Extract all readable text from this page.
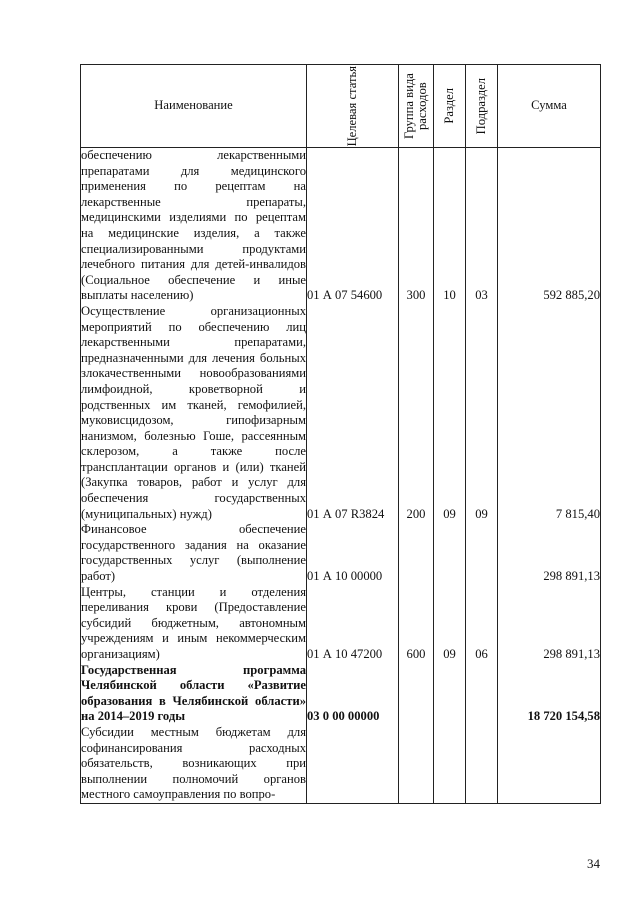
Наименование	Целевая статья	Группа вида расходов	Раздел	Подраздел	Сумма
обеспечению лекарственными препаратами для медицинского применения по рецептам на лекарственные препараты, медицинскими изделиями по рецептам на медицинские изделия, а также специализированными продуктами лечебного питания для детей-инвалидов (Социальное обеспечение и иные выплаты населению)	01 А 07 54600	300	10	03	592 885,20
Осуществление организационных мероприятий по обеспечению лиц лекарственными препаратами, предназначенными для лечения больных злокачественными новообразованиями лимфоидной, кроветворной и родственных им тканей, гемофилией, муковисцидозом, гипофизарным нанизмом, болезнью Гоше, рассеянным склерозом, а также после трансплантации органов и (или) тканей (Закупка товаров, работ и услуг для обеспечения государственных (муниципальных) нужд)	01 А 07 R3824	200	09	09	7 815,40
Финансовое обеспечение государственного задания на оказание государственных услуг (выполнение работ)	01 А 10 00000				298 891,13
Центры, станции и отделения переливания крови (Предоставление субсидий бюджетным, автономным учреждениям и иным некоммерческим организациям)	01 А 10 47200	600	09	06	298 891,13
Государственная программа Челябинской области «Развитие образования в Челябинской области» на 2014–2019 годы	03 0 00 00000				18 720 154,58
Субсидии местным бюджетам для софинансирования расходных обязательств, возникающих при выполнении полномочий органов местного самоуправления по вопро-					
34
